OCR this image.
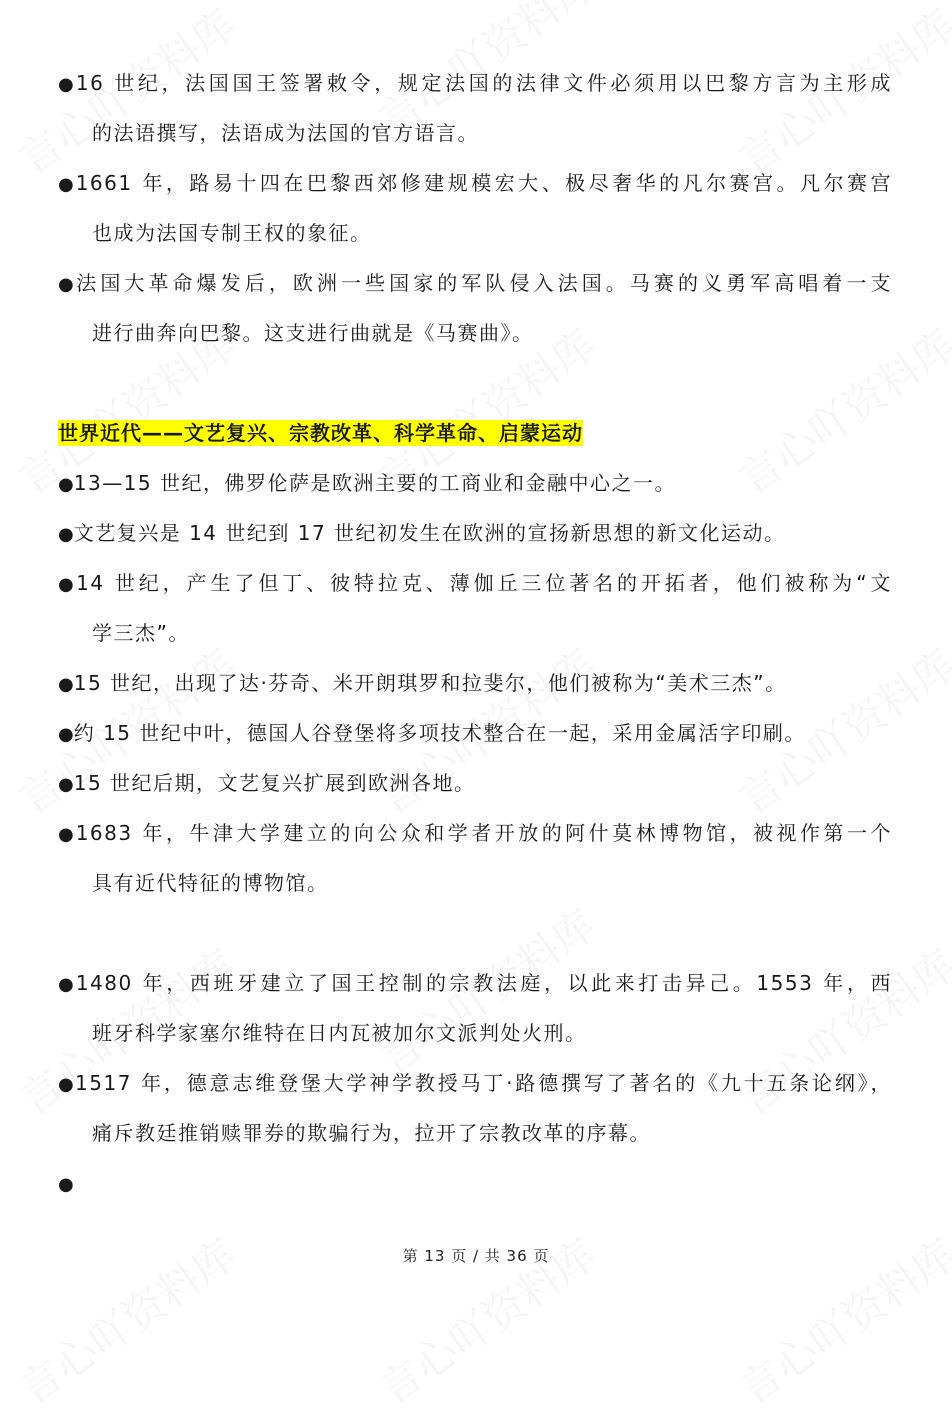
●16 世纪，法国国王签署敕令，规定法国的法律文件必须用以巴黎方言为主形成
的法语撰写，法语成为法国的官方语言。
●1661 年，路易十四在巴黎西郊修建规模宏大、极尽奢华的凡尔赛宫。凡尔赛宫
也成为法国专制王权的象征。
●法国大革命爆发后，欧洲一些国家的军队侵入法国。马赛的义勇军高唱着一支
进行曲奔向巴黎。这支进行曲就是《马赛曲》。
世界近代——文艺复兴、宗教改革、科学革命、启蒙运动
●13—15 世纪，佛罗伦萨是欧洲主要的工商业和金融中心之一。
●文艺复兴是 14 世纪到 17 世纪初发生在欧洲的宣扬新思想的新文化运动。
●14 世纪，产生了但丁、彼特拉克、薄伽丘三位著名的开拓者，他们被称为“文
学三杰”。
●15 世纪，出现了达·芬奇、米开朗琪罗和拉斐尔，他们被称为“美术三杰”。
●约 15 世纪中叶，德国人谷登堡将多项技术整合在一起，采用金属活字印刷。
●15 世纪后期，文艺复兴扩展到欧洲各地。
●1683 年，牛津大学建立的向公众和学者开放的阿什莫林博物馆，被视作第一个
具有近代特征的博物馆。
●1480 年，西班牙建立了国王控制的宗教法庭，以此来打击异己。1553 年，西
班牙科学家塞尔维特在日内瓦被加尔文派判处火刑。
●1517 年，德意志维登堡大学神学教授马丁·路德撰写了著名的《九十五条论纲》，
痛斥教廷推销赎罪券的欺骗行为，拉开了宗教改革的序幕。
●
第 13 页 / 共 36 页
